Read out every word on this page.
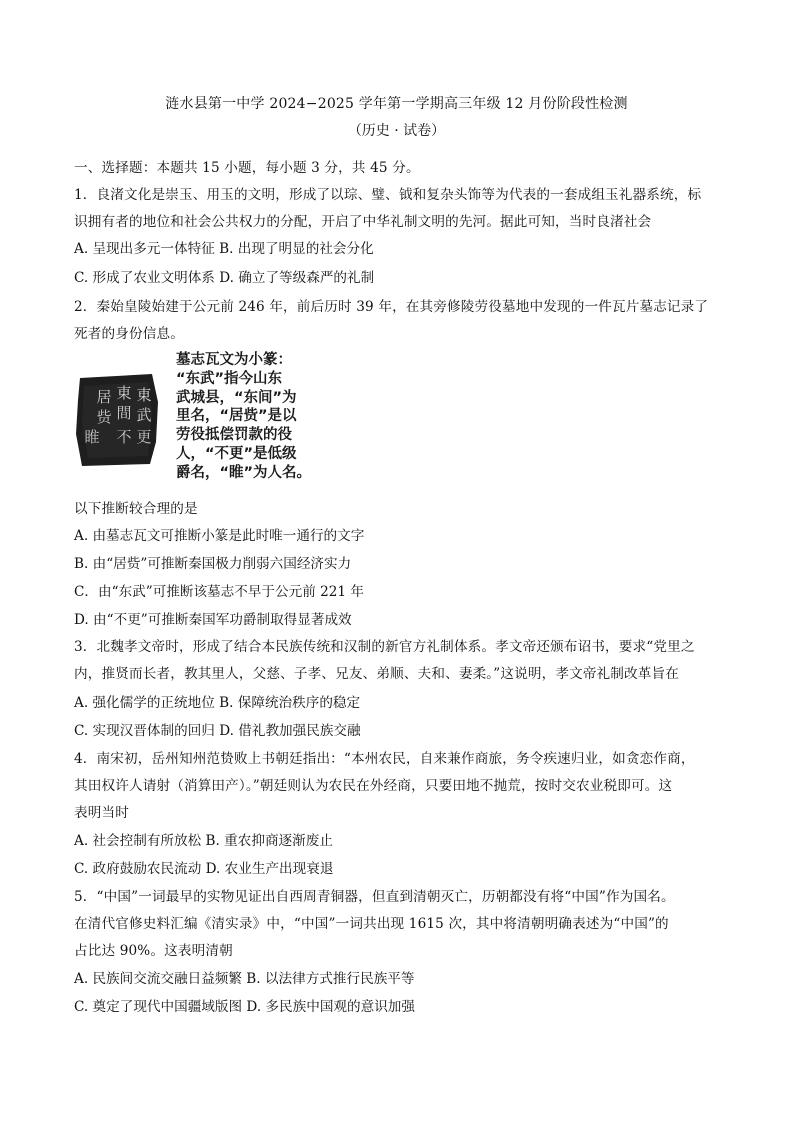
涟水县第一中学 2024−2025 学年第一学期高三年级 12 月份阶段性检测
（历史 · 试卷）
一、选择题：本题共 15 小题，每小题 3 分，共 45 分。
1．良渚文化是崇玉、用玉的文明，形成了以琮、璧、钺和复杂头饰等为代表的一套成组玉礼器系统，标
识拥有者的地位和社会公共权力的分配，开启了中华礼制文明的先河。据此可知，当时良渚社会
A. 呈现出多元一体特征 B. 出现了明显的社会分化
C. 形成了农业文明体系 D. 确立了等级森严的礼制
2．秦始皇陵始建于公元前 246 年，前后历时 39 年，在其旁修陵劳役墓地中发现的一件瓦片墓志记录了
死者的身份信息。
東
武
東
間
居
赀
不 更
睢
墓志瓦文为小篆：
“东武”指今山东
武城县，“东间”为
里名，“居赀”是以
劳役抵偿罚款的役
人，“不更”是低级
爵名，“睢”为人名。
以下推断较合理的是
A. 由墓志瓦文可推断小篆是此时唯一通行的文字
B. 由“居赀”可推断秦国极力削弱六国经济实力
C．由“东武”可推断该墓志不早于公元前 221 年
D. 由“不更”可推断秦国军功爵制取得显著成效
3．北魏孝文帝时，形成了结合本民族传统和汉制的新官方礼制体系。孝文帝还颁布诏书，要求“党里之
内，推贤而长者，教其里人，父慈、子孝、兄友、弟顺、夫和、妻柔。”这说明，孝文帝礼制改革旨在
A. 强化儒学的正统地位 B. 保障统治秩序的稳定
C. 实现汉晋体制的回归 D. 借礼教加强民族交融
4．南宋初，岳州知州范贽败上书朝廷指出：“本州农民，自来兼作商旅，务令疾速归业，如贪恋作商，
其田权许人请射（消算田产）。”朝廷则认为农民在外经商，只要田地不抛荒，按时交农业税即可。这
表明当时
A. 社会控制有所放松 B. 重农抑商逐渐废止
C. 政府鼓励农民流动 D. 农业生产出现衰退
5．“中国”一词最早的实物见证出自西周青铜器，但直到清朝灭亡，历朝都没有将“中国”作为国名。
在清代官修史料汇编《清实录》中，“中国”一词共出现 1615 次，其中将清朝明确表述为“中国”的
占比达 90%。这表明清朝
A. 民族间交流交融日益频繁 B. 以法律方式推行民族平等
C. 奠定了现代中国疆域版图 D. 多民族中国观的意识加强
